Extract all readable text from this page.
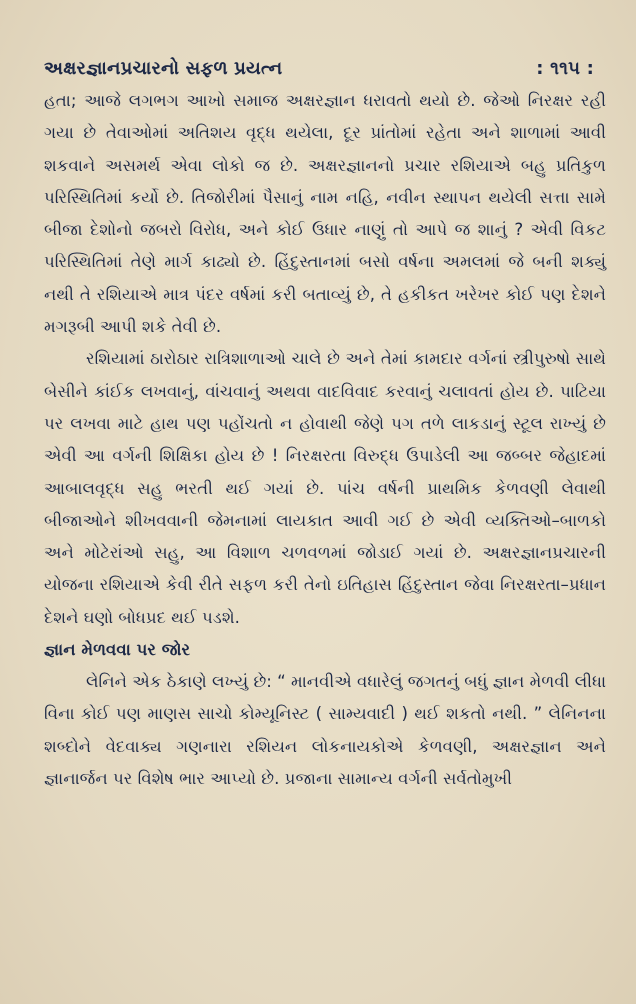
અક્ષરજ્ઞાનપ્રચારનો સફળ પ્રયત્ન	: ૧૧૫ :

હતા; આજે લગભગ આખો સમાજ અક્ષરજ્ઞાન ધરાવતો થયો છે. જેઓ નિરક્ષર રહી ગયા છે તેવાઓમાં અતિશય વૃદ્ધ થયેલા, દૂર પ્રાંતોમાં રહેતા અને શાળામાં આવી શકવાને અસમર્થ એવા લોકો જ છે. અક્ષરજ્ઞાનનો પ્રચાર રશિયાએ બહુ પ્રતિકુળ પરિસ્થિતિમાં કર્યો છે. તિજોરીમાં પૈસાનું નામ નહિ, નવીન સ્થાપન થયેલી સત્તા સામે બીજા દેશોનો જબરો વિરોધ, અને કોઈ ઉધાર નાણું તો આપે જ શાનું ? એવી વિકટ પરિસ્થિતિમાં તેણે માર્ગ કાઢ્યો છે. હિંદુસ્તાનમાં બસો વર્ષના અમલમાં જે બની શક્યું નથી તે રશિયાએ માત્ર પંદર વર્ષમાં કરી બતાવ્યું છે, તે હકીકત ખરેખર કોઈ પણ દેશને મગરૂબી આપી શકે તેવી છે.

રશિયામાં ઠારોઠાર રાત્રિશાળાઓ ચાલે છે અને તેમાં કામદાર વર્ગનાં સ્ત્રીપુરુષો સાથે બેસીને કાંઈક લખવાનું, વાંચવાનું અથવા વાદવિવાદ કરવાનું ચલાવતાં હોય છે. પાટિયા પર લખવા માટે હાથ પણ પહોંચતો ન હોવાથી જેણે પગ તળે લાકડાનું સ્ટૂલ રાખ્યું છે એવી આ વર્ગની શિક્ષિકા હોય છે ! નિરક્ષરતા વિરુદ્ધ ઉપાડેલી આ જબ્બર જેહાદમાં આબાલવૃદ્ધ સહુ ભરતી થઈ ગયાં છે. પાંચ વર્ષની પ્રાથમિક કેળવણી લેવાથી બીજાઓને શીખવવાની જેમનામાં લાયકાત આવી ગઈ છે એવી વ્યક્તિઓ–બાળકો અને મોટેરાંઓ સહુ, આ વિશાળ ચળવળમાં જોડાઈ ગયાં છે. અક્ષરજ્ઞાનપ્રચારની યોજના રશિયાએ કેવી રીતે સફળ કરી તેનો ઇતિહાસ હિંદુસ્તાન જેવા નિરક્ષરતા–પ્રધાન દેશને ઘણો બોધપ્રદ થઈ પડશે.

જ્ઞાન મેળવવા પર જોર

લેનિને એક ઠેકાણે લખ્યું છે: “ માનવીએ વધારેલું જગતનું બધું જ્ઞાન મેળવી લીધા વિના કોઈ પણ માણસ સાચો કોમ્યૂનિસ્ટ ( સામ્યવાદી ) થઈ શકતો નથી. ” લેનિનના શબ્દોને વેદવાક્ય ગણનારા રશિયન લોકનાયકોએ કેળવણી, અક્ષરજ્ઞાન અને જ્ઞાનાર્જન પર વિશેષ ભાર આપ્યો છે. પ્રજાના સામાન્ય વર્ગની સર્વતોમુખી
